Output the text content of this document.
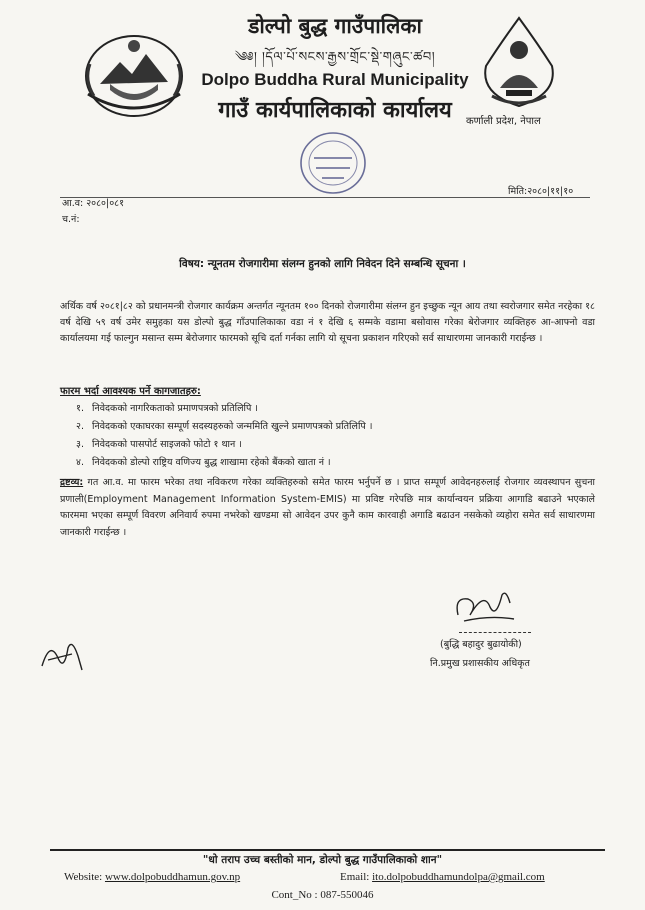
डोल्पो बुद्ध गाउँपालिका
༄༅། །དོལ་པོ་སངས་རྒྱས་གྲོང་སྡེ་གཞུང་ཚབ།
Dolpo Buddha Rural Municipality
गाउँ कार्यपालिकाको कार्यालय	कर्णाली प्रदेश, नेपाल
मिति:२०८०|११|१०
आ.व: २०८०|०८१
च.नं:
विषय: न्यूनतम रोजगारीमा संलग्न हुनको लागि निवेदन दिने सम्बन्धि सूचना ।

अर्थिक वर्ष २०८१|८२ को प्रधानमन्त्री रोजगार कार्यक्रम अन्तर्गत न्यूनतम १०० दिनको रोजगारीमा संलग्न हुन इच्छुक न्यून आय तथा स्वरोजगार समेत नरहेका १८ वर्ष देखि ५९ वर्ष उमेर समुहका यस डोल्पो बुद्ध गाँउपालिकाका वडा नं १ देखि ६ सम्मके वडामा बसोवास गरेका बेरोजगार व्यक्तिहरु आ-आफ्नो वडा कार्यालयमा गई फाल्गुन मसान्त सम्म बेरोजगार फारमको सूचि दर्ता गर्नका लागि यो सूचना प्रकाशन गरिएको सर्व साधारणमा जानकारी गराईन्छ ।

फारम भर्दा आवश्यक पर्ने कागजातहरु:
१. निवेदकको नागरिकताको प्रमाणपत्रको प्रतिलिपि ।
२. निवेदकको एकाघरका सम्पूर्ण सदस्यहरुको जन्ममिति खुल्ने प्रमाणपत्रको प्रतिलिपि ।
३. निवेदकको पासपोर्ट साइजको फोटो १ थान ।
४. निवेदकको डोल्पो राष्ट्रिय वणिज्य बुद्ध शाखामा रहेको बैंकको खाता नं ।

द्रष्टव्य: गत आ.व. मा फारम भरेका तथा नविकरण गरेका व्यक्तिहरुको समेत फारम भर्नुपर्ने छ । प्राप्त सम्पूर्ण आवेदनहरुलाई रोजगार व्यवस्थापन सुचना प्रणाली(Employment Management Information System-EMIS) मा प्रविष्ट गरेपछि मात्र कार्यान्वयन प्रक्रिया आगाडि बढाउने भएकाले फारममा भएका सम्पूर्ण विवरण अनिवार्य रुपमा नभरेको खण्डमा सो आवेदन उपर कुनै काम कारवाही अगाडि बढाउन नसकेको व्यहोरा समेत सर्व साधारणमा जानकारी गराईन्छ ।

(बुद्धि बहादुर बुढायोकी)
नि.प्रमुख प्रशासकीय अधिकृत
"धो तराप उच्च बस्तीको मान, डोल्पो बुद्ध गाउँपालिकाको शान"
Website: www.dolpobuddhamun.gov.np	Email: ito.dolpobuddhamundolpa@gmail.com
Cont_No : 087-550046
